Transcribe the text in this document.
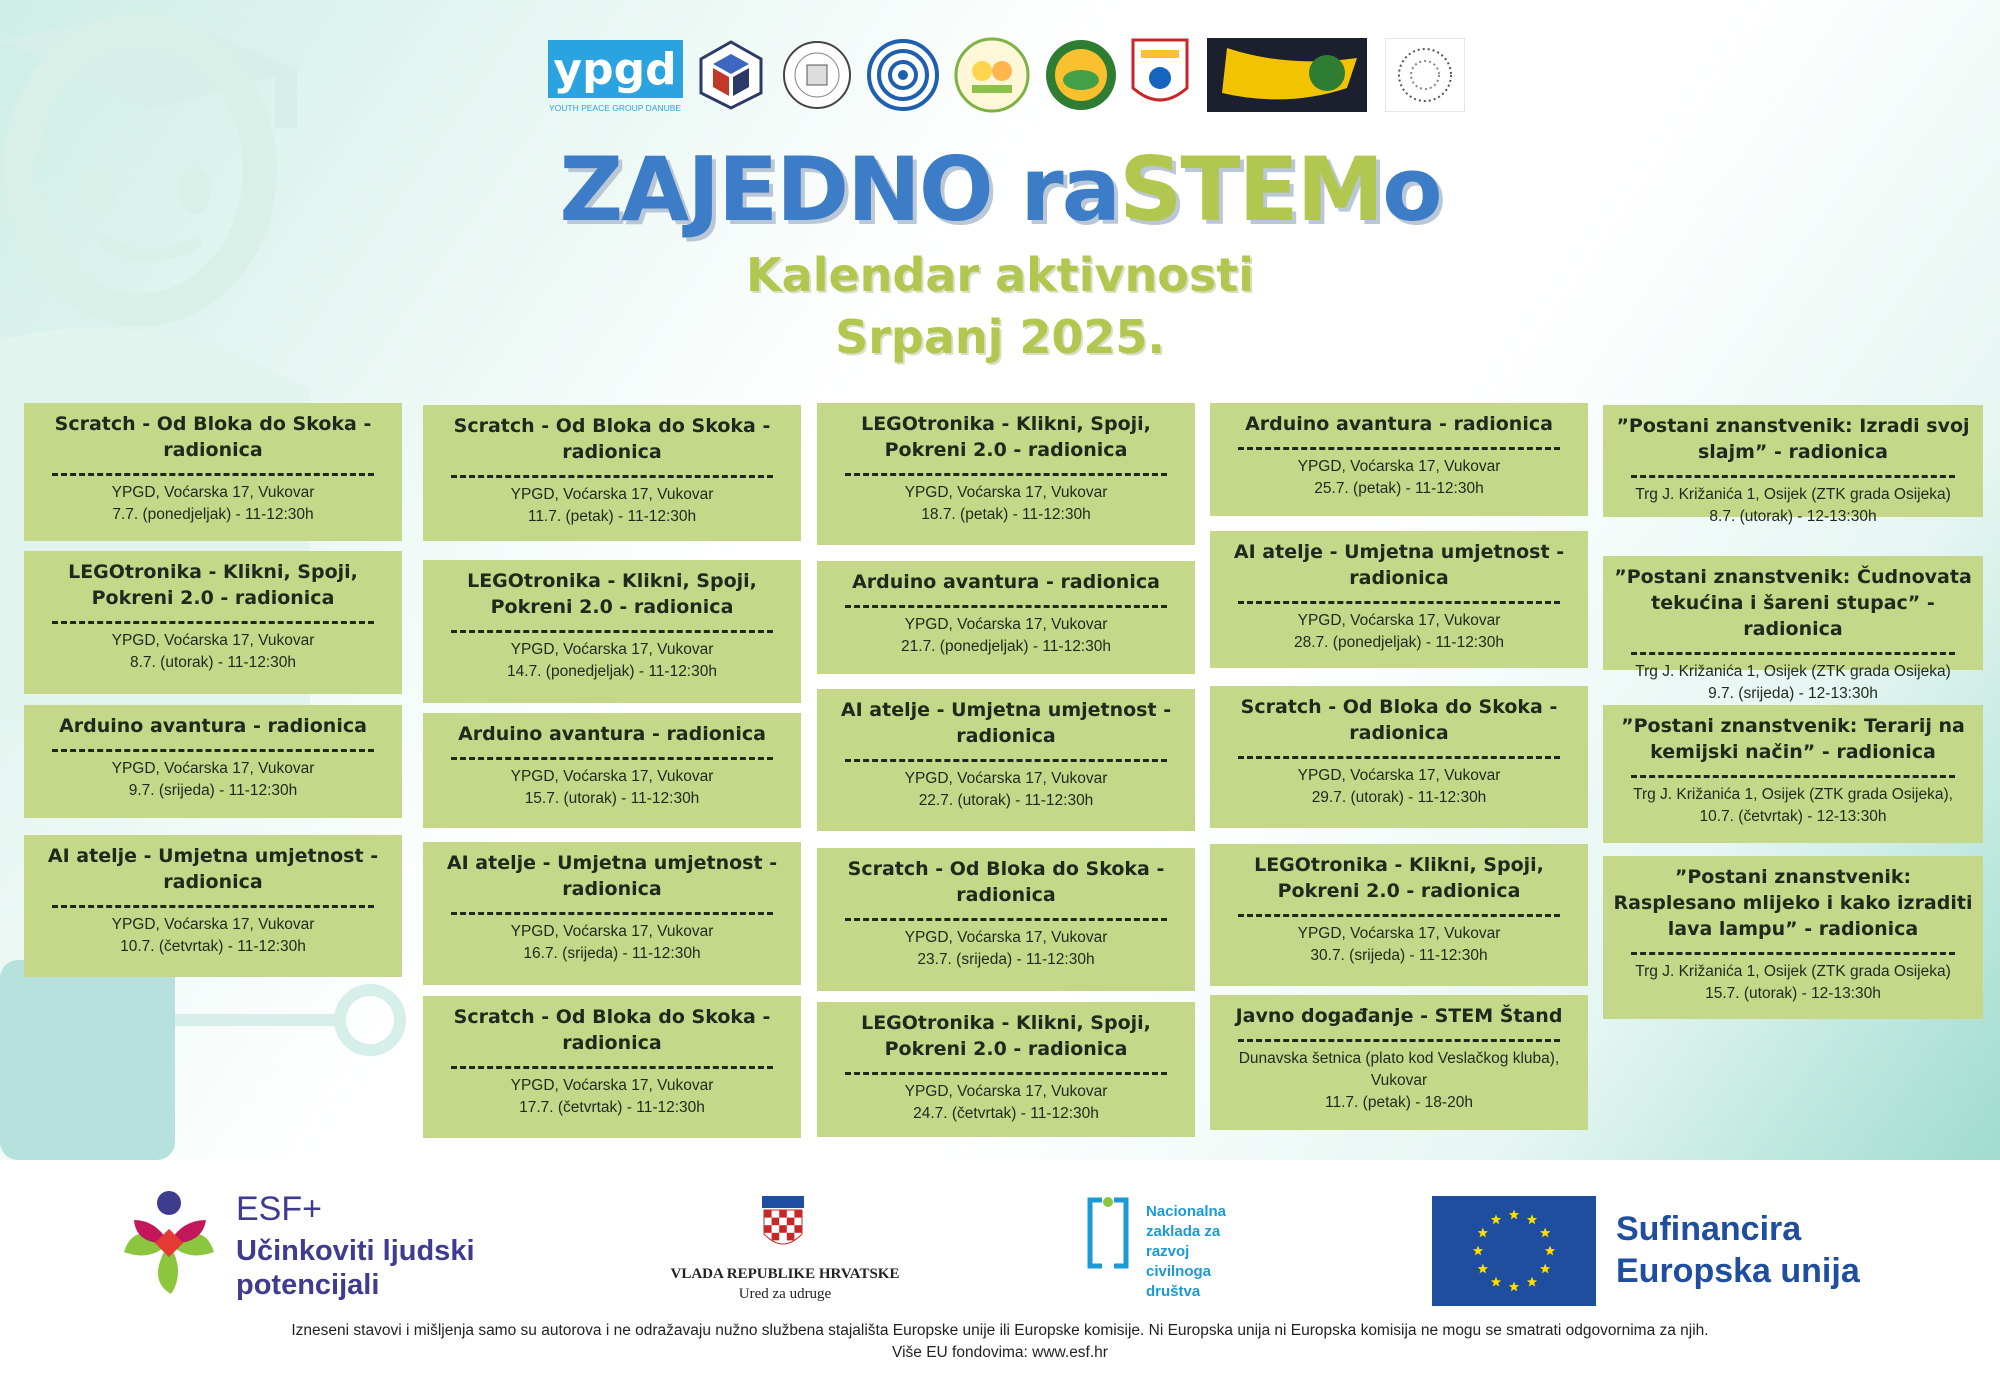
ypgd
YOUTH PEACE GROUP DANUBE
ZAJEDNO raSTEMo
Kalendar aktivnosti
Srpanj 2025.
Scratch - Od Bloka do Skoka - radionica
YPGD, Voćarska 17, Vukovar
7.7. (ponedjeljak) - 11-12:30h
LEGOtronika - Klikni, Spoji, Pokreni 2.0 - radionica
YPGD, Voćarska 17, Vukovar
8.7. (utorak) - 11-12:30h
Arduino avantura - radionica
YPGD, Voćarska 17, Vukovar
9.7. (srijeda) - 11-12:30h
AI atelje - Umjetna umjetnost - radionica
YPGD, Voćarska 17, Vukovar
10.7. (četvrtak) - 11-12:30h
Scratch - Od Bloka do Skoka - radionica
YPGD, Voćarska 17, Vukovar
11.7. (petak) - 11-12:30h
LEGOtronika - Klikni, Spoji, Pokreni 2.0 - radionica
YPGD, Voćarska 17, Vukovar
14.7. (ponedjeljak) - 11-12:30h
Arduino avantura - radionica
YPGD, Voćarska 17, Vukovar
15.7. (utorak) - 11-12:30h
AI atelje - Umjetna umjetnost - radionica
YPGD, Voćarska 17, Vukovar
16.7. (srijeda) - 11-12:30h
Scratch - Od Bloka do Skoka - radionica
YPGD, Voćarska 17, Vukovar
17.7. (četvrtak) - 11-12:30h
LEGOtronika - Klikni, Spoji, Pokreni 2.0 - radionica
YPGD, Voćarska 17, Vukovar
18.7. (petak) - 11-12:30h
Arduino avantura - radionica
YPGD, Voćarska 17, Vukovar
21.7. (ponedjeljak) - 11-12:30h
AI atelje - Umjetna umjetnost - radionica
YPGD, Voćarska 17, Vukovar
22.7. (utorak) - 11-12:30h
Scratch - Od Bloka do Skoka - radionica
YPGD, Voćarska 17, Vukovar
23.7. (srijeda) - 11-12:30h
LEGOtronika - Klikni, Spoji, Pokreni 2.0 - radionica
YPGD, Voćarska 17, Vukovar
24.7. (četvrtak) - 11-12:30h
Arduino avantura - radionica
YPGD, Voćarska 17, Vukovar
25.7. (petak) - 11-12:30h
AI atelje - Umjetna umjetnost - radionica
YPGD, Voćarska 17, Vukovar
28.7. (ponedjeljak) - 11-12:30h
Scratch - Od Bloka do Skoka - radionica
YPGD, Voćarska 17, Vukovar
29.7. (utorak) - 11-12:30h
LEGOtronika - Klikni, Spoji, Pokreni 2.0 - radionica
YPGD, Voćarska 17, Vukovar
30.7. (srijeda) - 11-12:30h
Javno događanje - STEM Štand
Dunavska šetnica (plato kod Veslačkog kluba), Vukovar
11.7. (petak) - 18-20h
”Postani znanstvenik: Izradi svoj slajm” - radionica
Trg J. Križanića 1, Osijek (ZTK grada Osijeka)
8.7. (utorak) - 12-13:30h
”Postani znanstvenik: Čudnovata tekućina i šareni stupac” - radionica
Trg J. Križanića 1, Osijek (ZTK grada Osijeka)
9.7. (srijeda) - 12-13:30h
”Postani znanstvenik: Terarij na kemijski način” - radionica
Trg J. Križanića 1, Osijek (ZTK grada Osijeka),
10.7. (četvrtak) - 12-13:30h
”Postani znanstvenik: Rasplesano mlijeko i kako izraditi lava lampu” - radionica
Trg J. Križanića 1, Osijek (ZTK grada Osijeka)
15.7. (utorak) - 12-13:30h
ESF+
Učinkoviti ljudski
potencijali	VLADA REPUBLIKE HRVATSKE
Ured za udruge
Nacionalna
zaklada za
razvoj
civilnoga
društva
Sufinancira
Europska unija
Izneseni stavovi i mišljenja samo su autorova i ne odražavaju nužno službena stajališta Europske unije ili Europske komisije. Ni Europska unija ni Europska komisija ne mogu se smatrati odgovornima za njih.
Više EU fondovima: www.esf.hr
